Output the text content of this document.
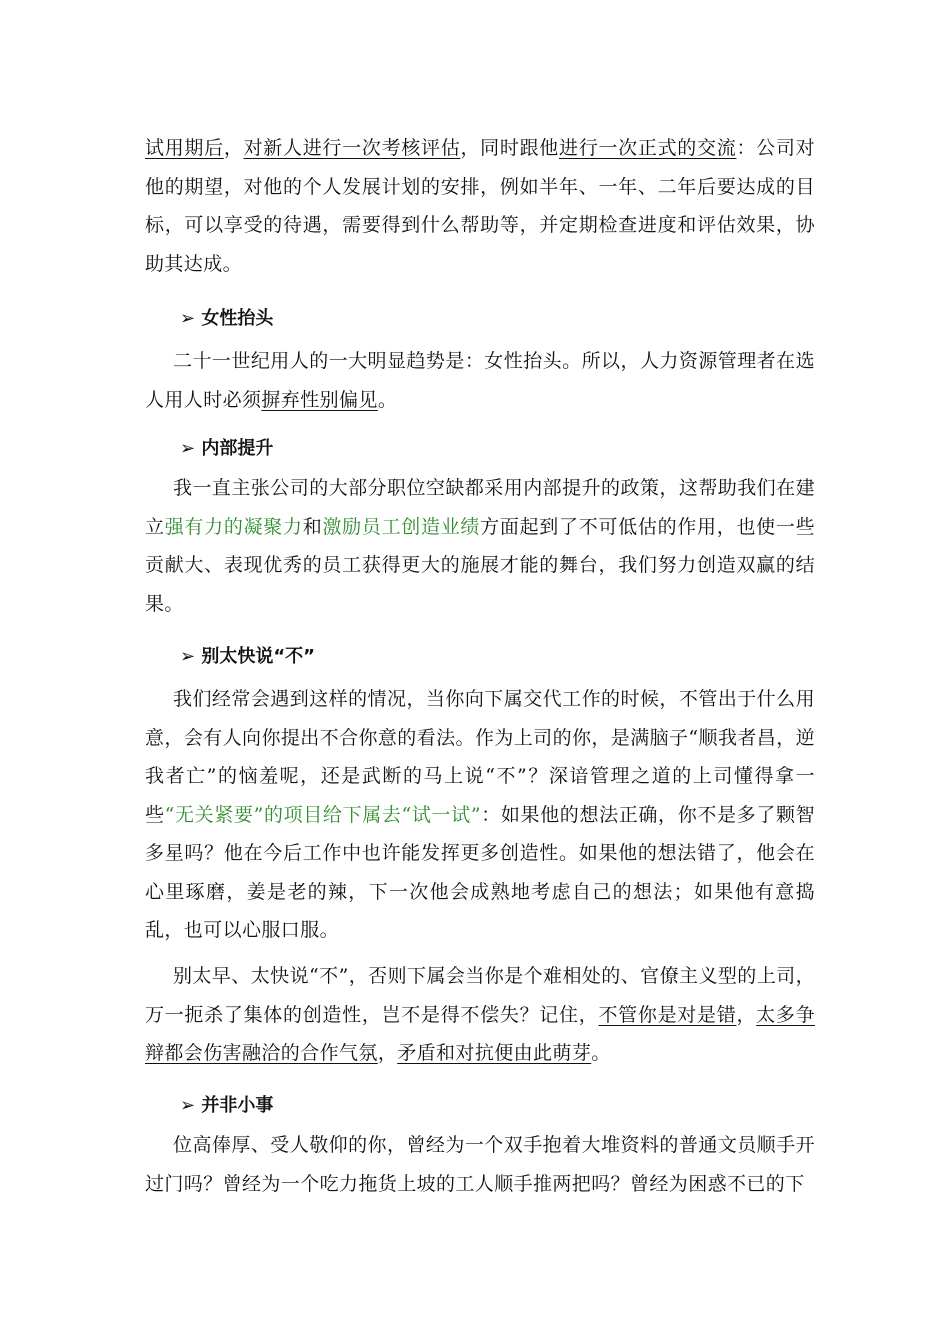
试用期后，对新人进行一次考核评估，同时跟他进行一次正式的交流：公司对他的期望，对他的个人发展计划的安排，例如半年、一年、二年后要达成的目标，可以享受的待遇，需要得到什么帮助等，并定期检查进度和评估效果，协助其达成。

➢ 女性抬头

二十一世纪用人的一大明显趋势是：女性抬头。所以，人力资源管理者在选人用人时必须摒弃性别偏见。

➢ 内部提升

我一直主张公司的大部分职位空缺都采用内部提升的政策，这帮助我们在建立强有力的凝聚力和激励员工创造业绩方面起到了不可低估的作用，也使一些贡献大、表现优秀的员工获得更大的施展才能的舞台，我们努力创造双赢的结果。

➢ 别太快说“不”

我们经常会遇到这样的情况，当你向下属交代工作的时候，不管出于什么用意，会有人向你提出不合你意的看法。作为上司的你，是满脑子“顺我者昌，逆我者亡”的恼羞呢，还是武断的马上说“不”？深谙管理之道的上司懂得拿一些“无关紧要”的项目给下属去“试一试”：如果他的想法正确，你不是多了颗智多星吗？他在今后工作中也许能发挥更多创造性。如果他的想法错了，他会在心里琢磨，姜是老的辣，下一次他会成熟地考虑自己的想法；如果他有意捣乱，也可以心服口服。

别太早、太快说“不”，否则下属会当你是个难相处的、官僚主义型的上司，万一扼杀了集体的创造性，岂不是得不偿失？记住，不管你是对是错，太多争辩都会伤害融洽的合作气氛，矛盾和对抗便由此萌芽。

➢ 并非小事

位高俸厚、受人敬仰的你，曾经为一个双手抱着大堆资料的普通文员顺手开过门吗？曾经为一个吃力拖货上坡的工人顺手推两把吗？曾经为困惑不已的下
